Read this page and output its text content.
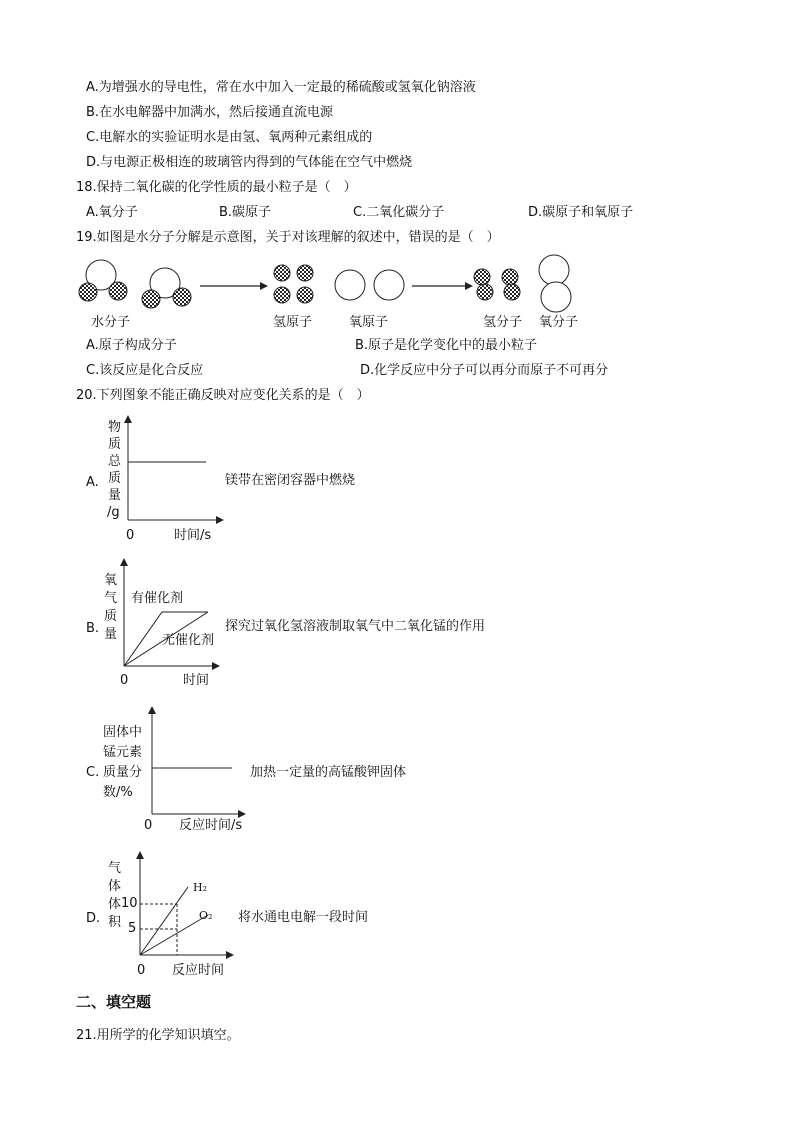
A.为增强水的导电性，常在水中加入一定最的稀硫酸或氢氧化钠溶液
B.在水电解器中加满水，然后接通直流电源
C.电解水的实验证明水是由氢、氧两种元素组成的
D.与电源正极相连的玻璃管内得到的气体能在空气中燃烧
18.保持二氧化碳的化学性质的最小粒子是（　）
A.氧分子	B.碳原子	C.二氧化碳分子	D.碳原子和氧原子
19.如图是水分子分解是示意图，关于对该理解的叙述中，错误的是（　）
水分子	氢原子	氧原子	氢分子 氧分子
A.原子构成分子	B.原子是化学变化中的最小粒子
C.该反应是化合反应	D.化学反应中分子可以再分而原子不可再分
20.下列图象不能正确反映对应变化关系的是（　）
A.
物
质
总
质
量
/g
0	时间/s
镁带在密闭容器中燃烧
B.
氧
气
质
量
有催化剂
无催化剂
0	时间
探究过氧化氢溶液制取氧气中二氧化锰的作用
C.
固体中
锰元素
质量分
数/%
0 反应时间/s
加热一定量的高锰酸钾固体
D.
气
体
体
积
10
5
H₂
O₂
0 反应时间
将水通电电解一段时间
二、填空题
21.用所学的化学知识填空。
